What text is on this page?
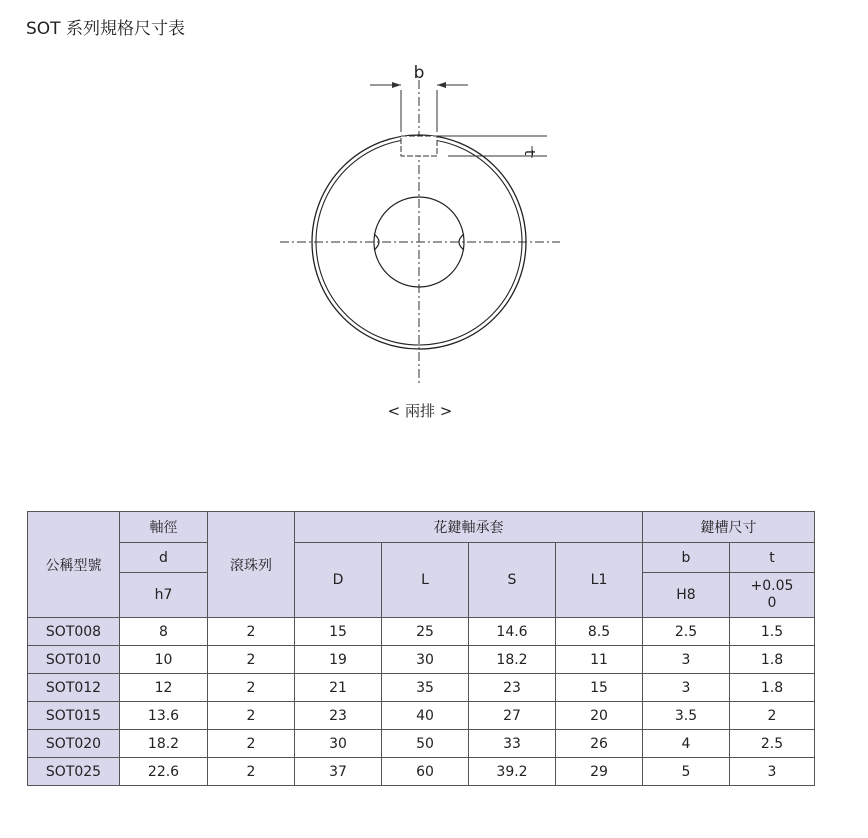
SOT 系列規格尺寸表
b
t
< 兩排 >
公稱型號	軸徑	滾珠列	花鍵軸承套				鍵槽尺寸	
	d		D	L	S	L1	b	t
	h7						H8	+0.05
0
SOT008	8	2	15	25	14.6	8.5	2.5	1.5
SOT010	10	2	19	30	18.2	11	3	1.8
SOT012	12	2	21	35	23	15	3	1.8
SOT015	13.6	2	23	40	27	20	3.5	2
SOT020	18.2	2	30	50	33	26	4	2.5
SOT025	22.6	2	37	60	39.2	29	5	3
